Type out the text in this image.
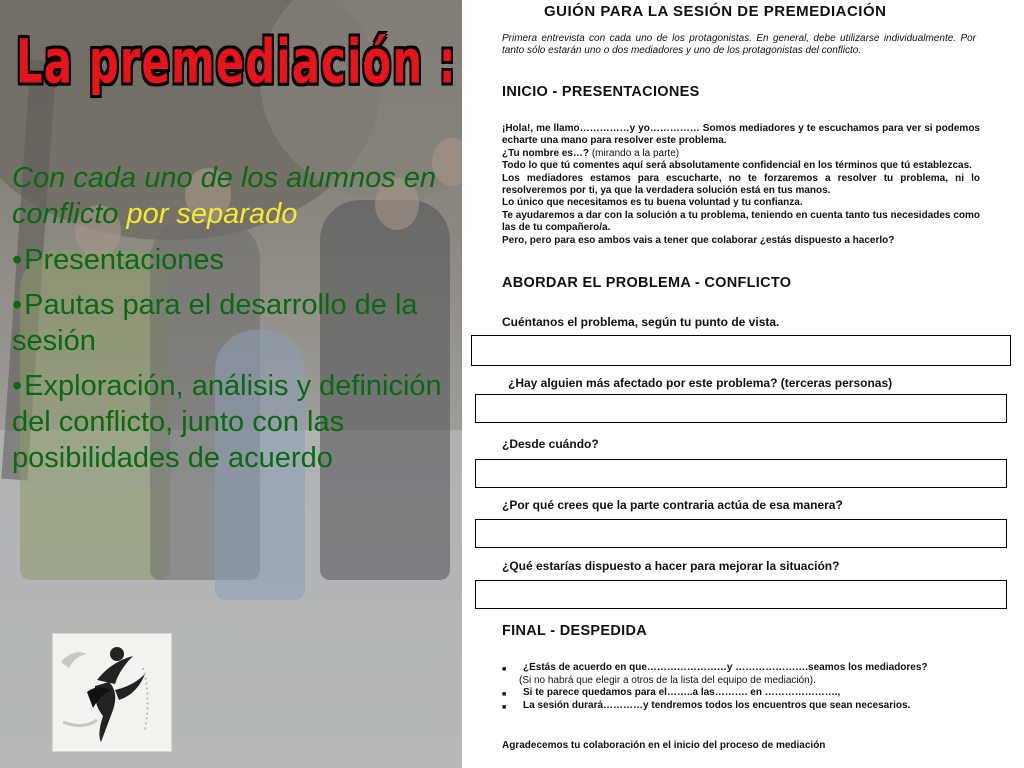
La premediación :

Con cada uno de los alumnos en conflicto por separado

•Presentaciones
•Pautas para el desarrollo de la sesión
•Exploración, análisis y definición del conflicto, junto con las posibilidades de acuerdo
GUIÓN PARA LA SESIÓN DE PREMEDIACIÓN
Primera entrevista con cada uno de los protagonistas. En general, debe utilizarse individualmente. Por tanto sólo estarán uno o dos mediadores y uno de los protagonistas del conflicto.
INICIO - PRESENTACIONES

¡Hola!, me llamo……………y yo…………… Somos mediadores y te escuchamos para ver si podemos echarte una mano para resolver este problema.

¿Tu nombre es…? (mirando a la parte)

Todo lo que tú comentes aquí será absolutamente confidencial en los términos que tú establezcas.

Los mediadores estamos para escucharte, no te forzaremos a resolver tu problema, ni lo resolveremos por ti, ya que la verdadera solución está en tus manos.

Lo único que necesitamos es tu buena voluntad y tu confianza.

Te ayudaremos a dar con la solución a tu problema, teniendo en cuenta tanto tus necesidades como las de tu compañero/a.

Pero, pero para eso ambos vais a tener que colaborar ¿estás dispuesto a hacerlo?

ABORDAR EL PROBLEMA - CONFLICTO
Cuéntanos el problema, según tu punto de vista.
¿Hay alguien más afectado por este problema? (terceras personas)
¿Desde cuándo?
¿Por qué crees que la parte contraria actúa de esa manera?
¿Qué estarías dispuesto a hacer para mejorar la situación?
FINAL - DESPEDIDA
■ ¿Estás de acuerdo en que……………………y ………………….seamos los mediadores?
(Si no habrá que elegir a otros de la lista del equipo de mediación).
■ Si te parece quedamos para el……..a las………. en ………………….,
■ La sesión durará…………y tendremos todos los encuentros que sean necesarios.
Agradecemos tu colaboración en el inicio del proceso de mediación
